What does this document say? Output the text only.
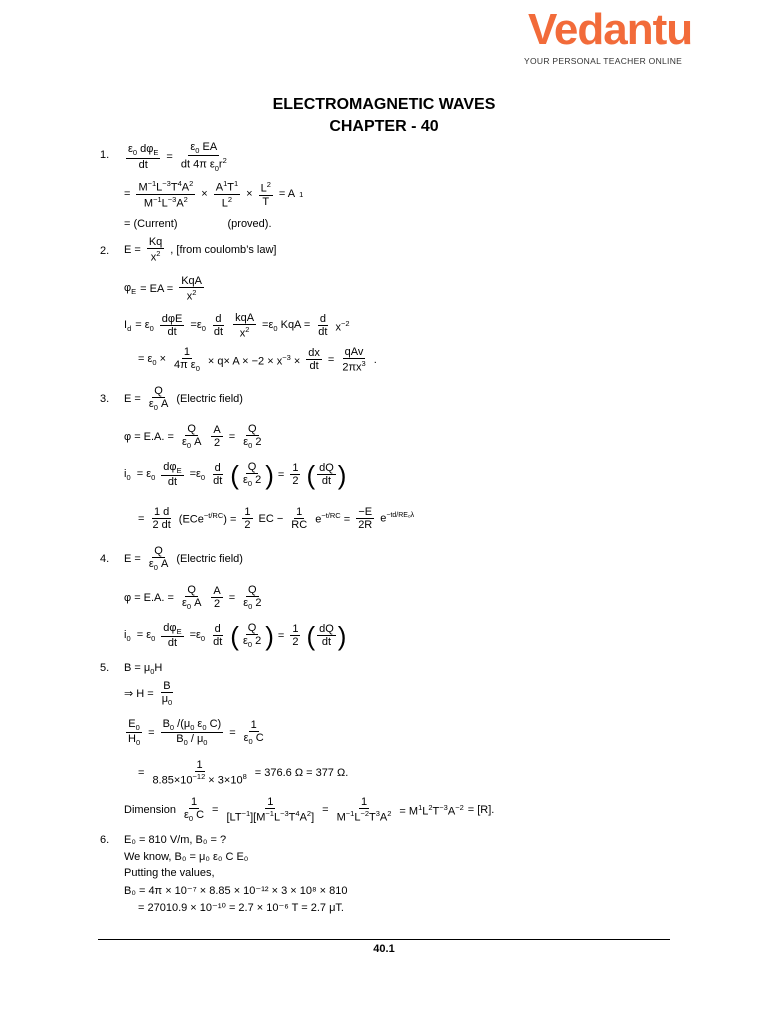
Vedantu
YOUR PERSONAL TEACHER ONLINE
ELECTROMAGNETIC WAVES
CHAPTER - 40
1. $\frac{\varepsilon_0 d\varphi_E}{dt} = \frac{\varepsilon_0 EA}{dt 4\pi \varepsilon_0r^2}$
= $\frac{M^{-1}L^{-3}T^4A^2}{M^{-1}L^{-3}A^2} \times \frac{A^1T^1}{L^2} \times \frac{L^2}{T} = A$ 1
= (Current)	(proved).
2. $E = \frac{Kq}{x^2}$ , [from coulomb’s law]
$\varphi_E$ = EA = $\frac{\text{KqA}}{x^2}$
$I_d = \varepsilon_0 \frac{\text{dφE}}{dt} =\varepsilon_0 \frac{d}{dt} \frac{\text{kqA}}{x^2} =\varepsilon_0$ KqA = $\frac{d}{dt} x^{-2}$
= $\varepsilon_0 \times \frac{1}{4\pi \varepsilon_0} \times q\times A \times -2 \times x^{-3} \times \frac{dx}{dt} = \frac{\text{qAv}}{2\pi x^3}$ .
3. $E = \frac{Q}{\varepsilon_0 A}$ (Electric field)
φ = E.A. = $\frac{Q}{\varepsilon_0 A} \frac{A}{2} = \frac{Q}{\varepsilon_0 2}$
$i_0 = \varepsilon_0 \frac{d\varphi_E}{dt} =\varepsilon_0 \frac{d}{dt}$ ( $\frac{Q}{\varepsilon_0 2}$
) = $\frac{1}{2}$ ( $\frac{dQ}{dt}$
)
= $\frac{1 d}{2 dt} (ECe^{-t/RC}) = \frac{1}{2}$ EC − $\frac{1}{RC} e^{-t/RC} = \frac{-E}{2R} e^{-td/RE_o\lambda}$
4. $E = \frac{Q}{\varepsilon_0 A}$ (Electric field)
φ = E.A. = $\frac{Q}{\varepsilon_0 A} \frac{A}{2} = \frac{Q}{\varepsilon_0 2}$
$i_0 = \varepsilon_0 \frac{d\varphi_E}{dt} =\varepsilon_0 \frac{d}{dt}$ ( $\frac{Q}{\varepsilon_0 2}$
) = $\frac{1}{2}$ ( $\frac{dQ}{dt}$
)
5. $B = \mu_0H$
⇒ $H = \frac{B}{\mu_0}$
$\frac{E_0}{H_0} = \frac{B_0 /(\mu_0 \varepsilon_0 C)}{B_0 / \mu_0} = \frac{1}{\varepsilon_0 C}$
= $\frac{1}{8.85\times 10^{-12} \times 3\times 10^8} = 376.6$ Ω = 377 Ω.
Dimension $\frac{1}{\varepsilon_0 C} = \frac{1}{[LT^{-1}][M^{-1}L^{-3}T^4A^2]} = \frac{1}{M^{-1}L^{-2}T^3A^2} = M^1L^2T^{-3}A^{-2} = [R]$.
6. E₀ = 810 V/m, B₀ = ?
We know, B₀ = μ₀ ε₀ C E₀
Putting the values,
B₀ = 4π × 10⁻⁷ × 8.85 × 10⁻¹² × 3 × 10⁸ × 810
= 27010.9 × 10⁻¹⁰ = 2.7 × 10⁻⁶ T = 2.7 μT.
40.1
